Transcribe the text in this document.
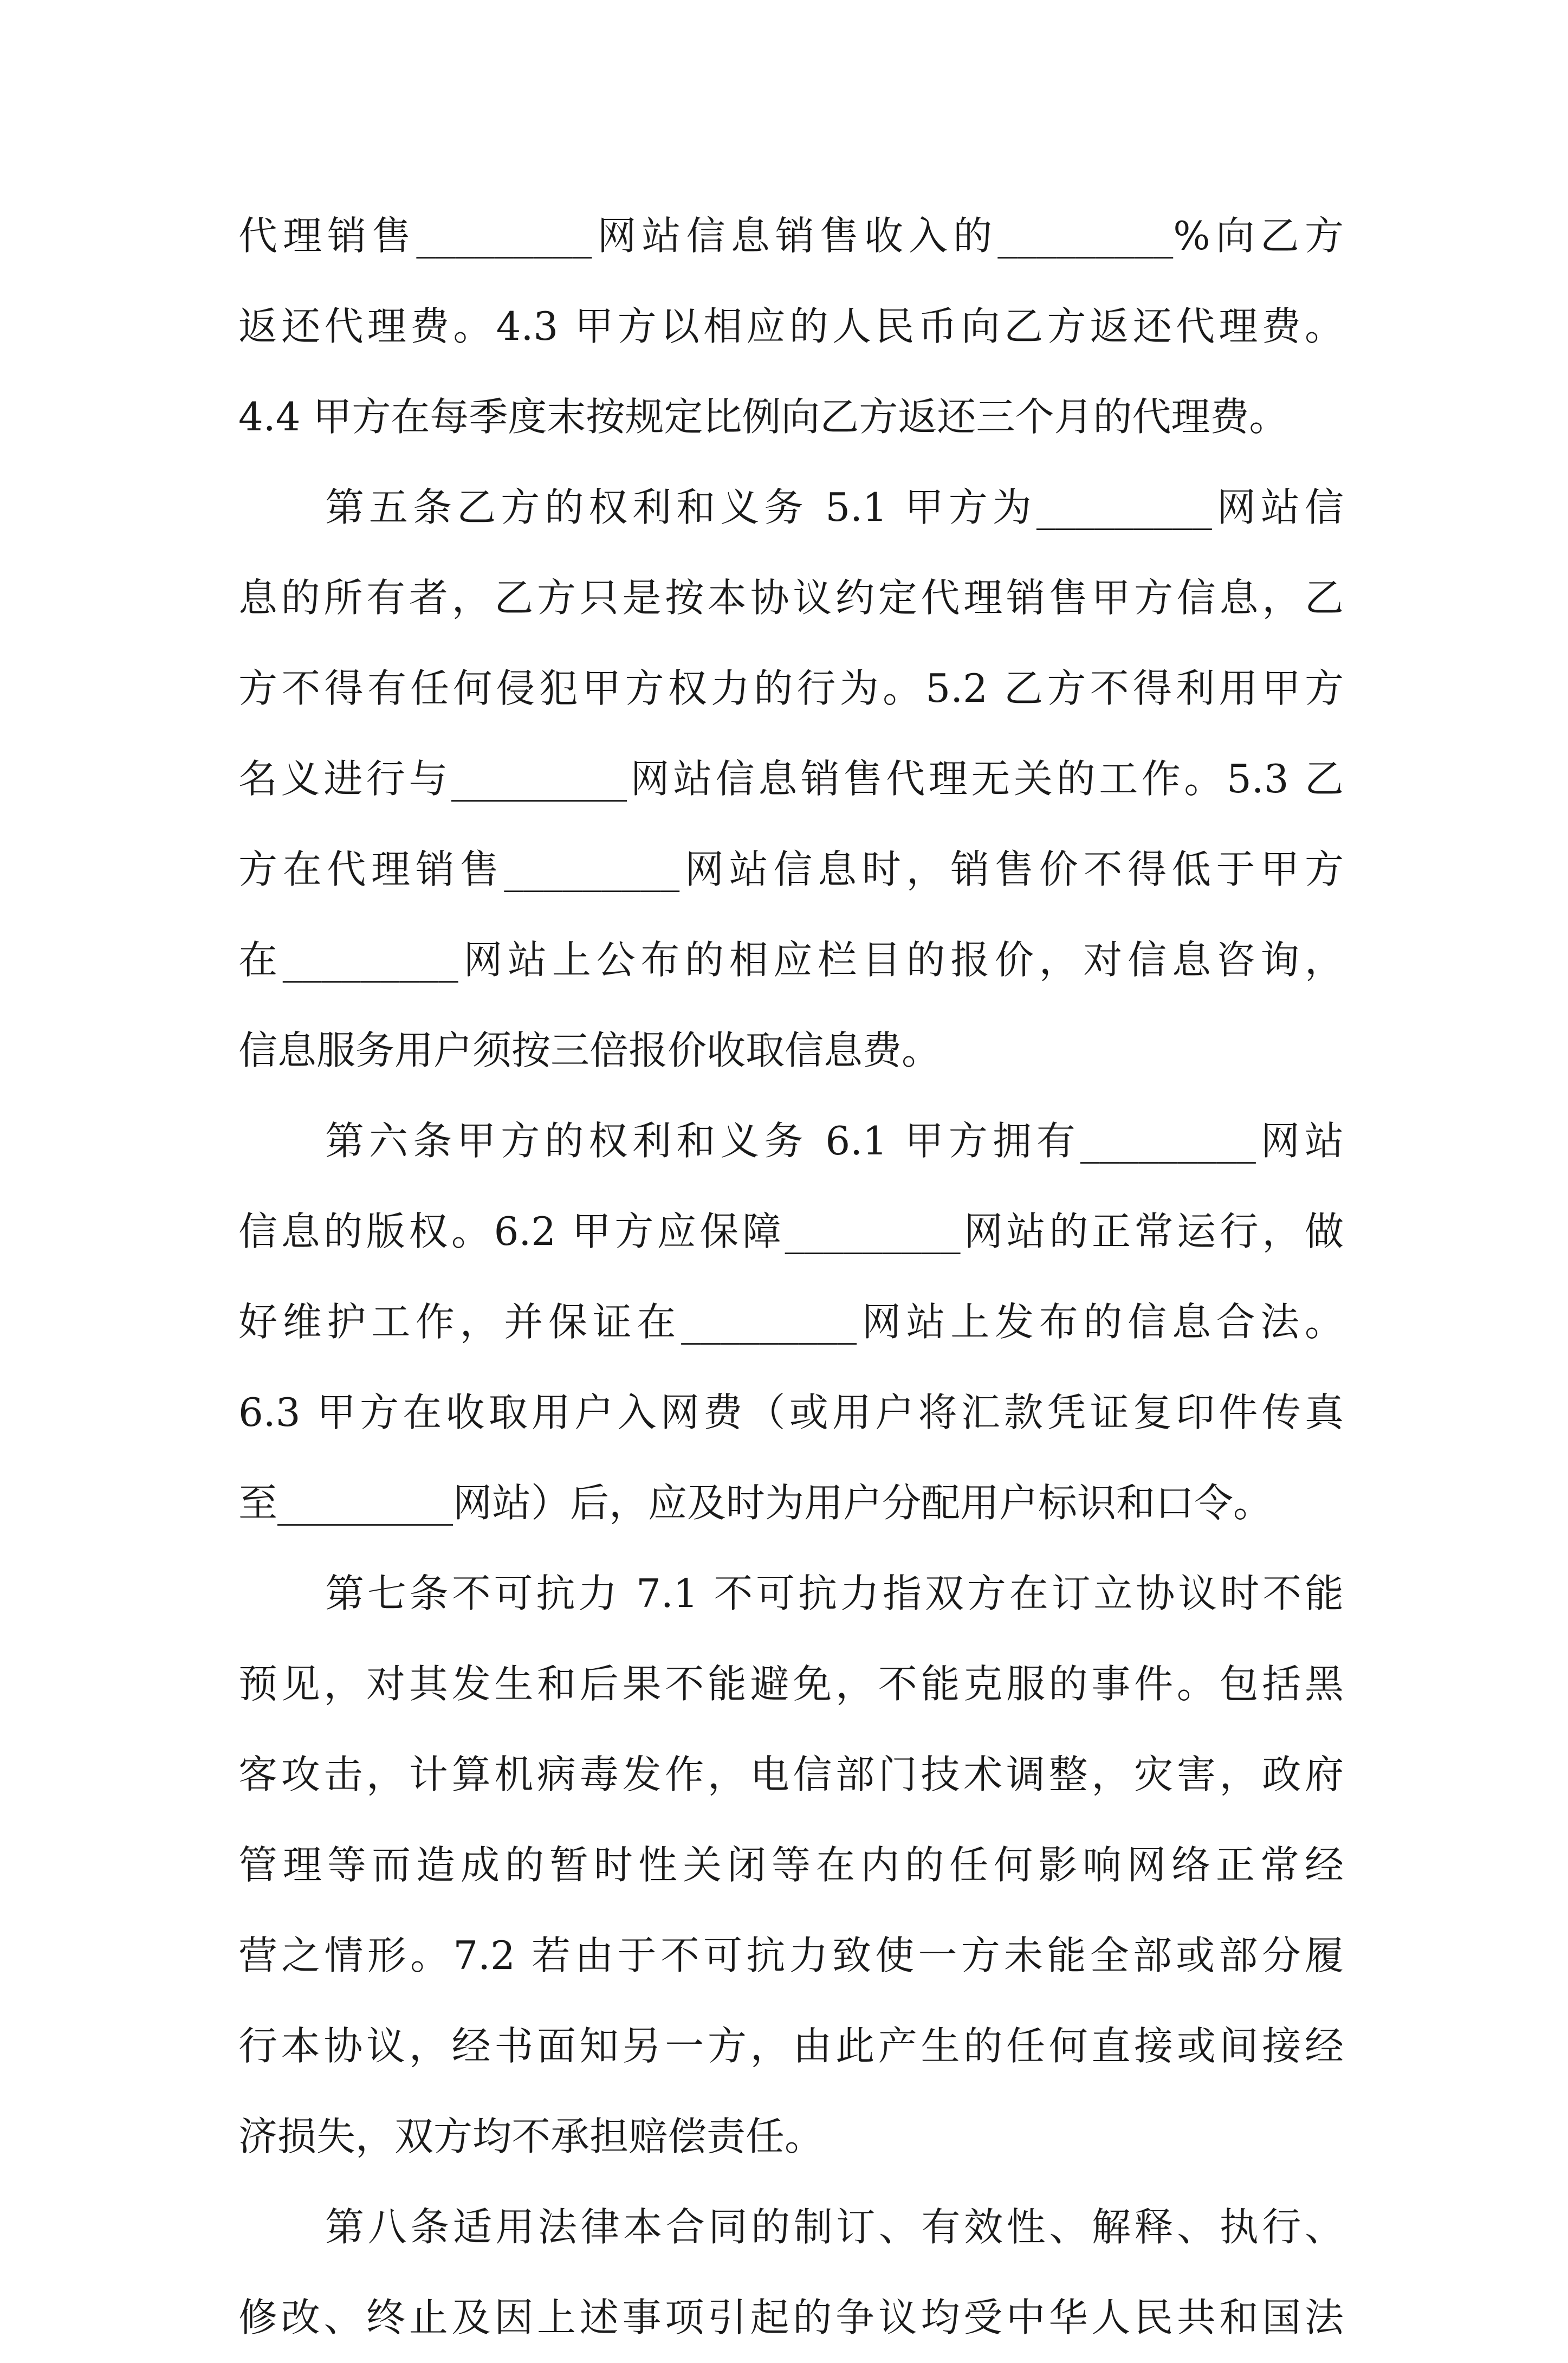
代理销售_________网站信息销售收入的_________%向乙方
返还代理费。4.3 甲方以相应的人民币向乙方返还代理费。
4.4 甲方在每季度末按规定比例向乙方返还三个月的代理费。
第五条乙方的权利和义务 5.1 甲方为_________网站信
息的所有者，乙方只是按本协议约定代理销售甲方信息，乙
方不得有任何侵犯甲方权力的行为。5.2 乙方不得利用甲方
名义进行与_________网站信息销售代理无关的工作。5.3 乙
方在代理销售_________网站信息时，销售价不得低于甲方
在_________网站上公布的相应栏目的报价，对信息咨询，
信息服务用户须按三倍报价收取信息费。
第六条甲方的权利和义务 6.1 甲方拥有_________网站
信息的版权。6.2 甲方应保障_________网站的正常运行，做
好维护工作，并保证在_________网站上发布的信息合法。
6.3 甲方在收取用户入网费（或用户将汇款凭证复印件传真
至_________网站）后，应及时为用户分配用户标识和口令。
第七条不可抗力 7.1 不可抗力指双方在订立协议时不能
预见，对其发生和后果不能避免，不能克服的事件。包括黑
客攻击，计算机病毒发作，电信部门技术调整，灾害，政府
管理等而造成的暂时性关闭等在内的任何影响网络正常经
营之情形。7.2 若由于不可抗力致使一方未能全部或部分履
行本协议，经书面知另一方，由此产生的任何直接或间接经
济损失，双方均不承担赔偿责任。
第八条适用法律本合同的制订、有效性、解释、执行、
修改、终止及因上述事项引起的争议均受中华人民共和国法
